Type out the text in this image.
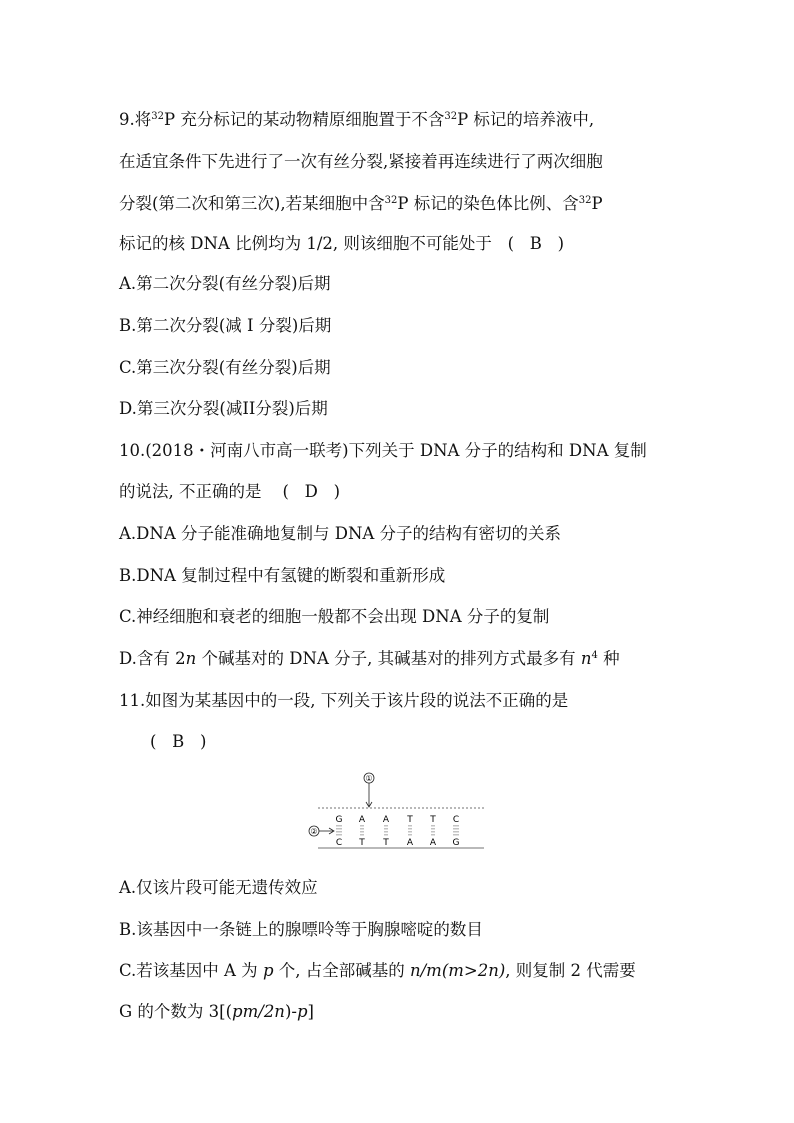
9.将$^{32}$P 充分标记的某动物精原细胞置于不含$^{32}$P 标记的培养液中,
在适宜条件下先进行了一次有丝分裂,紧接着再连续进行了两次细胞
分裂(第二次和第三次),若某细胞中含$^{32}$P 标记的染色体比例、含$^{32}$P
标记的核 DNA 比例均为 1/2, 则该细胞不可能处于   (   B   )
A.第二次分裂(有丝分裂)后期
B.第二次分裂(减 I 分裂)后期
C.第三次分裂(有丝分裂)后期
D.第三次分裂(减II分裂)后期
10.(2018・河南八市高一联考)下列关于 DNA 分子的结构和 DNA 复制
的说法, 不正确的是    (   D   )
A.DNA 分子能准确地复制与 DNA 分子的结构有密切的关系
B.DNA 复制过程中有氢键的断裂和重新形成
C.神经细胞和衰老的细胞一般都不会出现 DNA 分子的复制
D.含有 2n 个碱基对的 DNA 分子, 其碱基对的排列方式最多有 $n^4$ 种
11.如图为某基因中的一段, 下列关于该片段的说法不正确的是
(   B   )
①
G A A T T C
C T T A A G
②
A.仅该片段可能无遗传效应
B.该基因中一条链上的腺嘌呤等于胸腺嘧啶的数目
C.若该基因中 A 为 p 个, 占全部碱基的 n/m(m>2n), 则复制 2 代需要
G 的个数为 3[(pm/2n)-p]
